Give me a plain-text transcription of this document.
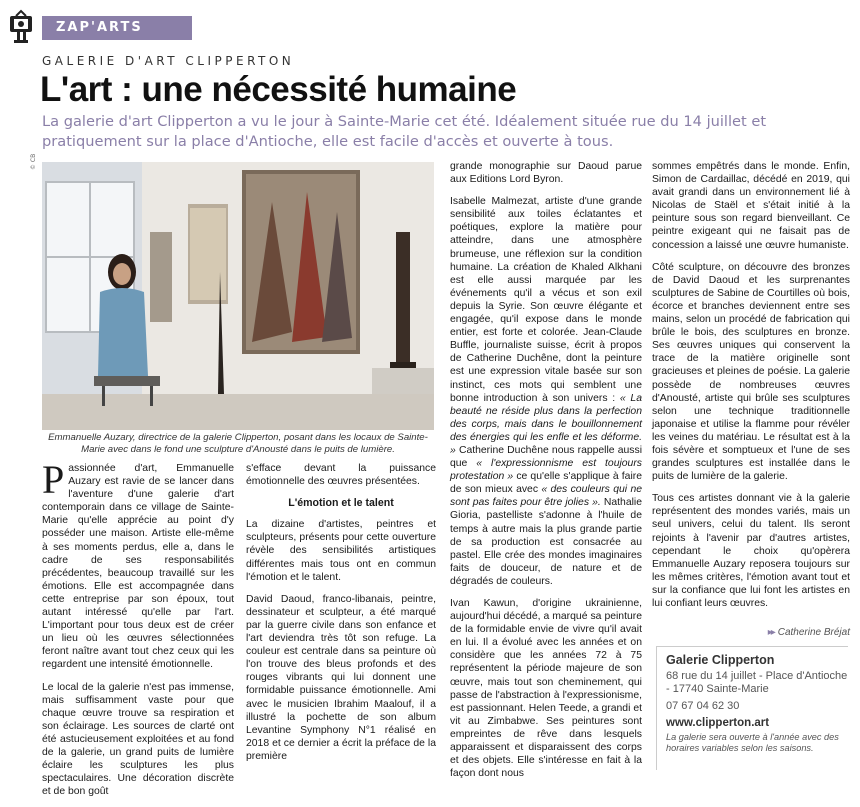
ZAP'ARTS
GALERIE D'ART CLIPPERTON
L'art : une nécessité humaine
La galerie d'art Clipperton a vu le jour à Sainte-Marie cet été. Idéalement située rue du 14 juillet et pratiquement sur la place d'Antioche, elle est facile d'accès et ouverte à tous.
© CB
Emmanuelle Auzary, directrice de la galerie Clipperton, posant dans les locaux de Sainte-Marie avec dans le fond une sculpture d'Anousté dans le puits de lumière.

Passionnée d'art, Emmanuelle Auzary est ravie de se lancer dans l'aventure d'une galerie d'art contemporain dans ce village de Sainte-Marie qu'elle apprécie au point d'y posséder une maison. Artiste elle-même à ses moments perdus, elle a, dans le cadre de ses responsabilités précédentes, beaucoup travaillé sur les émotions. Elle est accompagnée dans cette entreprise par son époux, tout autant intéressé qu'elle par l'art. L'important pour tous deux est de créer un lieu où les œuvres sélectionnées feront naître avant tout chez ceux qui les regardent une intensité émotionnelle.

Le local de la galerie n'est pas immense, mais suffisamment vaste pour que chaque œuvre trouve sa respiration et son éclairage. Les sources de clarté ont été astucieusement exploitées et au fond de la galerie, un grand puits de lumière éclaire les sculptures les plus spectaculaires. Une décoration discrète et de bon goût

s'efface devant la puissance émotionnelle des œuvres présentées.

L'émotion et le talent

La dizaine d'artistes, peintres et sculpteurs, présents pour cette ouverture révèle des sensibilités artistiques différentes mais tous ont en commun l'émotion et le talent.

David Daoud, franco-libanais, peintre, dessinateur et sculpteur, a été marqué par la guerre civile dans son enfance et l'art deviendra très tôt son refuge. La couleur est centrale dans sa peinture où l'on trouve des bleus profonds et des rouges vibrants qui lui donnent une formidable puissance émotionnelle. Ami avec le musicien Ibrahim Maalouf, il a illustré la pochette de son album Levantine Symphony N°1 réalisé en 2018 et ce dernier a écrit la préface de la première

grande monographie sur Daoud parue aux Editions Lord Byron.

Isabelle Malmezat, artiste d'une grande sensibilité aux toiles éclatantes et poétiques, explore la matière pour atteindre, dans une atmosphère brumeuse, une réflexion sur la condition humaine. La création de Khaled Alkhani est elle aussi marquée par les événements qu'il a vécus et son exil depuis la Syrie. Son œuvre élégante et engagée, qu'il expose dans le monde entier, est forte et colorée. Jean-Claude Buffle, journaliste suisse, écrit à propos de Catherine Duchêne, dont la peinture est une expression vitale basée sur son instinct, ces mots qui semblent une bonne introduction à son univers : « La beauté ne réside plus dans la perfection des corps, mais dans le bouillonnement des énergies qui les enfle et les déforme. » Catherine Duchêne nous rappelle aussi que « l'expressionnisme est toujours protestation » ce qu'elle s'applique à faire de son mieux avec « des couleurs qui ne sont pas faites pour être jolies ». Nathalie Gioria, pastelliste s'adonne à l'huile de temps à autre mais la plus grande partie de sa production est consacrée au pastel. Elle crée des mondes imaginaires faits de douceur, de nature et de dégradés de couleurs.

Ivan Kawun, d'origine ukrainienne, aujourd'hui décédé, a marqué sa peinture de la formidable envie de vivre qu'il avait en lui. Il a évolué avec les années et on considère que les années 72 à 75 représentent la période majeure de son œuvre, mais tout son cheminement, qui passe de l'abstraction à l'expressionisme, est passionnant. Helen Teede, a grandi et vit au Zimbabwe. Ses peintures sont empreintes de rêve dans lesquels apparaissent et disparaissent des corps et des objets. Elle s'intéresse en fait à la façon dont nous

sommes empêtrés dans le monde. Enfin, Simon de Cardaillac, décédé en 2019, qui avait grandi dans un environnement lié à Nicolas de Staël et s'était initié à la peinture sous son regard bienveillant. Ce peintre exigeant qui ne faisait pas de concession a laissé une œuvre humaniste.

Côté sculpture, on découvre des bronzes de David Daoud et les surprenantes sculptures de Sabine de Courtilles où bois, écorce et branches deviennent entre ses mains, selon un procédé de fabrication qui brûle le bois, des sculptures en bronze. Ses œuvres uniques qui conservent la trace de la matière originelle sont gracieuses et pleines de poésie. La galerie possède de nombreuses œuvres d'Anousté, artiste qui brûle ses sculptures selon une technique traditionnelle japonaise et utilise la flamme pour révéler les veines du matériau. Le résultat est à la fois sévère et somptueux et l'une de ses grandes sculptures est installée dans le puits de lumière de la galerie.

Tous ces artistes donnant vie à la galerie représentent des mondes variés, mais un seul univers, celui du talent. Ils seront rejoints à l'avenir par d'autres artistes, cependant le choix qu'opèrera Emmanuelle Auzary reposera toujours sur les mêmes critères, l'émotion avant tout et sur la confiance que lui font les artistes en lui confiant leurs œuvres.

▸▸ Catherine Bréjat
Galerie Clipperton
68 rue du 14 juillet - Place d'Antioche - 17740 Sainte-Marie
07 67 04 62 30
www.clipperton.art
La galerie sera ouverte à l'année avec des horaires variables selon les saisons.
